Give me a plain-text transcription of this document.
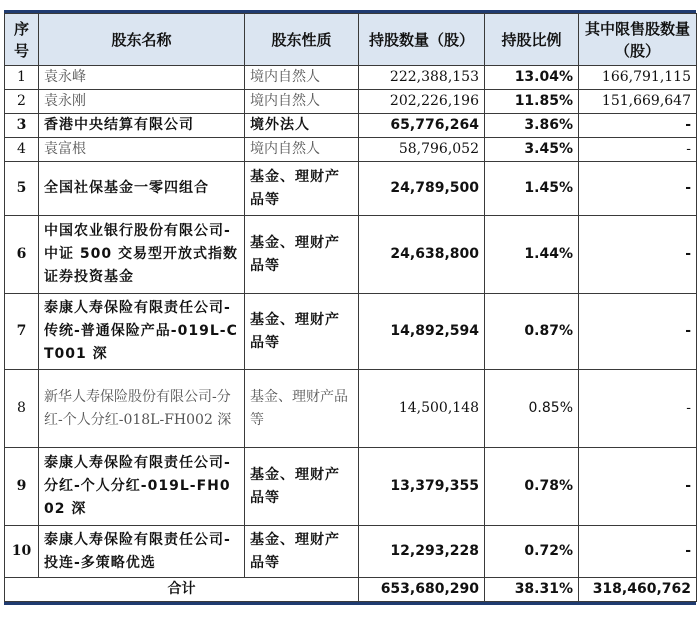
序号	股东名称	股东性质	持股数量（股）	持股比例	其中限售股数量（股）

1	袁永峰	境内自然人	222,388,153	13.04%	166,791,115
2	袁永刚	境内自然人	202,226,196	11.85%	151,669,647
3	香港中央结算有限公司	境外法人	65,776,264	3.86%	-
4	袁富根	境内自然人	58,796,052	3.45%	-
5	全国社保基金一零四组合	基金、理财产品等	24,789,500	1.45%	-
6	中国农业银行股份有限公司-中证 500 交易型开放式指数证券投资基金	基金、理财产品等	24,638,800	1.44%	-
7	泰康人寿保险有限责任公司-传统-普通保险产品-019L-CT001 深	基金、理财产品等	14,892,594	0.87%	-
8	新华人寿保险股份有限公司-分红-个人分红-018L-FH002 深	基金、理财产品等	14,500,148	0.85%	-
9	泰康人寿保险有限责任公司-分红-个人分红-019L-FH002 深	基金、理财产品等	13,379,355	0.78%	-
10	泰康人寿保险有限责任公司-投连-多策略优选	基金、理财产品等	12,293,228	0.72%	-
合计			653,680,290	38.31%	318,460,762
